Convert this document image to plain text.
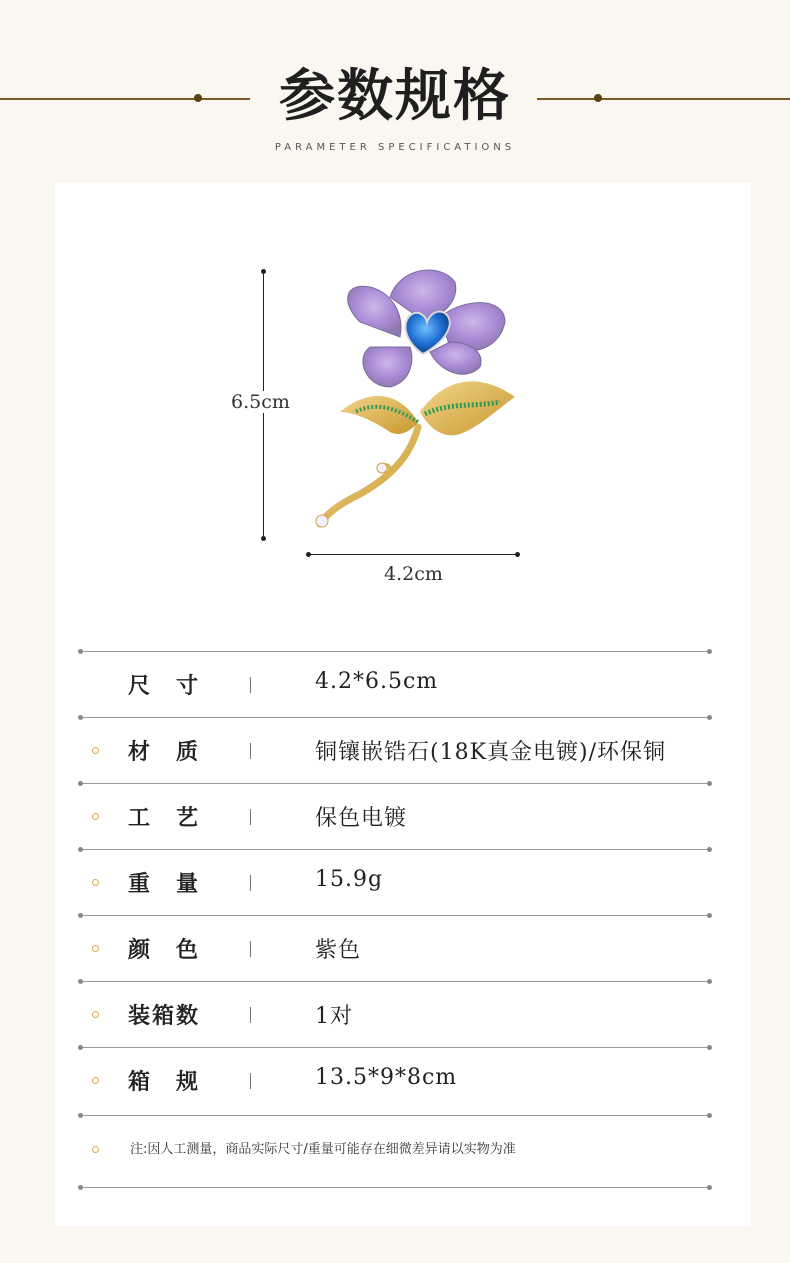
参数规格
PARAMETER SPECIFICATIONS
6.5cm
4.2cm
尺　寸	4.2*6.5cm
材　质	铜镶嵌锆石(18K真金电镀)/环保铜
工　艺	保色电镀
重　量	15.9g
颜　色	紫色
装箱数	1对
箱　规	13.5*9*8cm
注:因人工测量，商品实际尺寸/重量可能存在细微差异请以实物为准
